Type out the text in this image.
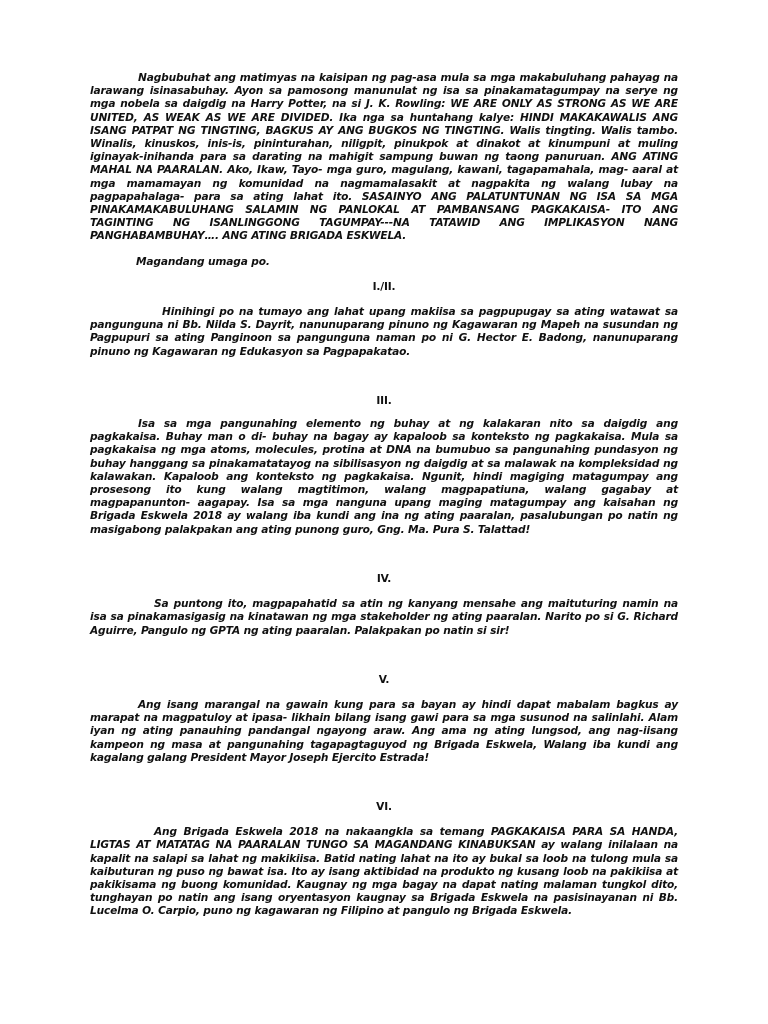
Nagbubuhat ang matimyas na kaisipan ng pag-asa mula sa mga makabuluhang pahayag na larawang isinasabuhay. Ayon sa pamosong manunulat ng isa sa pinakamatagumpay na serye ng mga nobela sa daigdig na Harry Potter, na si J. K. Rowling: WE ARE ONLY AS STRONG AS WE ARE UNITED, AS WEAK AS WE ARE DIVIDED. Ika nga sa huntahang kalye: HINDI MAKAKAWALIS ANG ISANG PATPAT NG TINGTING, BAGKUS AY ANG BUGKOS NG TINGTING. Walis tingting. Walis tambo. Winalis, kinuskos, inis-is, pininturahan, niligpit, pinukpok at dinakot at kinumpuni at muling iginayak-inihanda para sa darating na mahigit sampung buwan ng taong panuruan. ANG ATING MAHAL NA PAARALAN. Ako, Ikaw, Tayo- mga guro, magulang, kawani, tagapamahala, mag- aaral at mga mamamayan ng komunidad na nagmamalasakit at nagpakita ng walang lubay na pagpapahalaga- para sa ating lahat ito. SASAINYO ANG PALATUNTUNAN NG ISA SA MGA PINAKAMAKABULUHANG SALAMIN NG PANLOKAL AT PAMBANSANG PAGKAKAISA- ITO ANG TAGINTING NG ISANLINGGONG TAGUMPAY---NA TATAWID ANG IMPLIKASYON NANG PANGHABAMBUHAY…. ANG ATING BRIGADA ESKWELA.

Magandang umaga po.

I./II.

Hinihingi po na tumayo ang lahat upang makiisa sa pagpupugay sa ating watawat sa pangunguna ni Bb. Nilda S. Dayrit, nanunuparang pinuno ng Kagawaran ng Mapeh na susundan ng Pagpupuri sa ating Panginoon sa pangunguna naman po ni G. Hector E. Badong, nanunuparang pinuno ng Kagawaran ng Edukasyon sa Pagpapakatao.

III.

Isa sa mga pangunahing elemento ng buhay at ng kalakaran nito sa daigdig ang pagkakaisa. Buhay man o di- buhay na bagay ay kapaloob sa konteksto ng pagkakaisa. Mula sa pagkakaisa ng mga atoms, molecules, protina at DNA na bumubuo sa pangunahing pundasyon ng buhay hanggang sa pinakamatatayog na sibilisasyon ng daigdig at sa malawak na kompleksidad ng kalawakan. Kapaloob ang konteksto ng pagkakaisa. Ngunit, hindi magiging matagumpay ang prosesong ito kung walang magtitimon, walang magpapatiuna, walang gagabay at magpapanunton- aagapay. Isa sa mga nanguna upang maging matagumpay ang kaisahan ng Brigada Eskwela 2018 ay walang iba kundi ang ina ng ating paaralan, pasalubungan po natin ng masigabong palakpakan ang ating punong guro, Gng. Ma. Pura S. Talattad!

IV.

Sa puntong ito, magpapahatid sa atin ng kanyang mensahe ang maituturing namin na isa sa pinakamasigasig na kinatawan ng mga stakeholder ng ating paaralan. Narito po si G. Richard Aguirre, Pangulo ng GPTA ng ating paaralan. Palakpakan po natin si sir!

V.

Ang isang marangal na gawain kung para sa bayan ay hindi dapat mabalam bagkus ay marapat na magpatuloy at ipasa- likhain bilang isang gawi para sa mga susunod na salinlahi. Alam iyan ng ating panauhing pandangal ngayong araw. Ang ama ng ating lungsod, ang nag-iisang kampeon ng masa at pangunahing tagapagtaguyod ng Brigada Eskwela, Walang iba kundi ang kagalang galang President Mayor Joseph Ejercito Estrada!

VI.

Ang Brigada Eskwela 2018 na nakaangkla sa temang PAGKAKAISA PARA SA HANDA, LIGTAS AT MATATAG NA PAARALAN TUNGO SA MAGANDANG KINABUKSAN ay walang inilalaan na kapalit na salapi sa lahat ng makikiisa. Batid nating lahat na ito ay bukal sa loob na tulong mula sa kaibuturan ng puso ng bawat isa. Ito ay isang aktibidad na produkto ng kusang loob na pakikiisa at pakikisama ng buong komunidad. Kaugnay ng mga bagay na dapat nating malaman tungkol dito, tunghayan po natin ang isang oryentasyon kaugnay sa Brigada Eskwela na pasisinayanan ni Bb. Lucelma O. Carpio, puno ng kagawaran ng Filipino at pangulo ng Brigada Eskwela.
